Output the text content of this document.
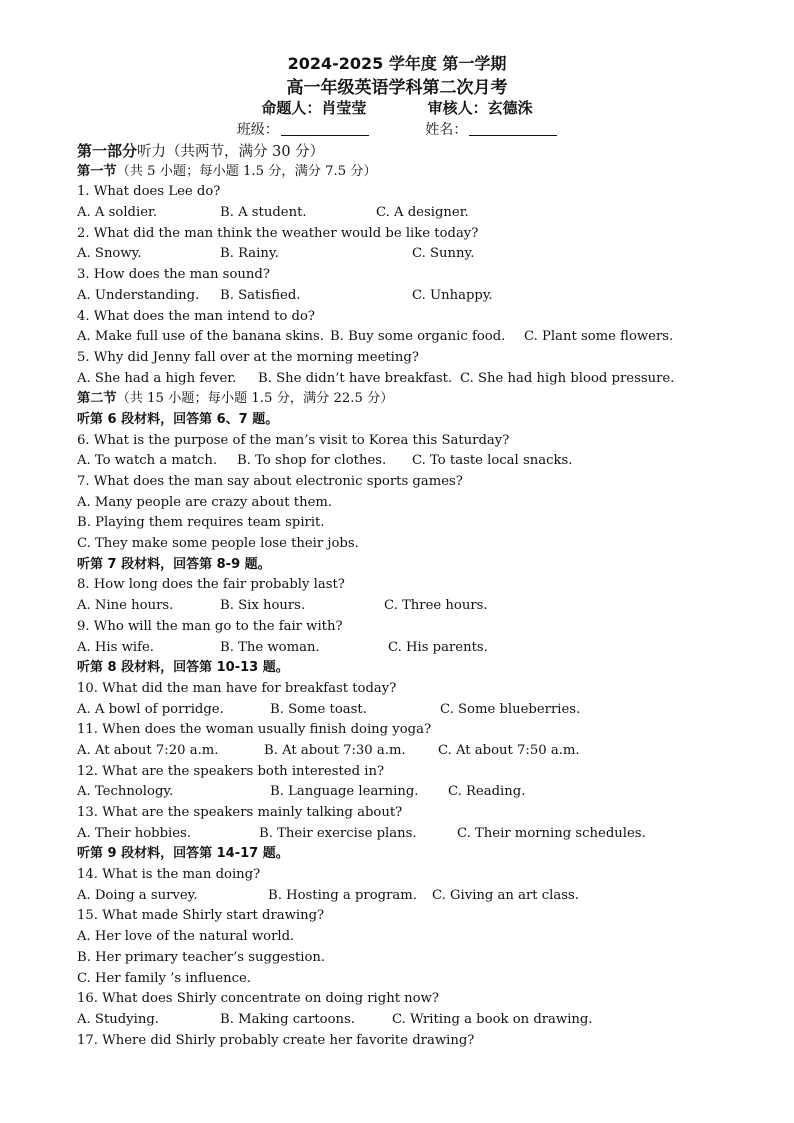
2024-2025 学年度 第一学期
高一年级英语学科第二次月考
命题人：肖莹莹	审核人：玄德洙
班级：	姓名：
第一部分听力（共两节，满分 30 分）
第一节（共 5 小题；每小题 1.5 分，满分 7.5 分）
1. What does Lee do?
A. A soldier.	B. A student.	C. A designer.
2. What did the man think the weather would be like today?
A. Snowy.	B. Rainy.	C. Sunny.
3. How does the man sound?
A. Understanding. B. Satisfied.	C. Unhappy.
4. What does the man intend to do?
A. Make full use of the banana skins. B. Buy some organic food. C. Plant some flowers.
5. Why did Jenny fall over at the morning meeting?
A. She had a high fever. B. She didn’t have breakfast. C. She had high blood pressure.
第二节（共 15 小题；每小题 1.5 分，满分 22.5 分）
听第 6 段材料，回答第 6、7 题。
6. What is the purpose of the man’s visit to Korea this Saturday?
A. To watch a match. B. To shop for clothes. C. To taste local snacks.
7. What does the man say about electronic sports games?
A. Many people are crazy about them.
B. Playing them requires team spirit.
C. They make some people lose their jobs.
听第 7 段材料，回答第 8-9 题。
8. How long does the fair probably last?
A. Nine hours.	B. Six hours.	C. Three hours.
9. Who will the man go to the fair with?
A. His wife.	B. The woman.	C. His parents.
听第 8 段材料，回答第 10-13 题。
10. What did the man have for breakfast today?
A. A bowl of porridge.	B. Some toast.	C. Some blueberries.
11. When does the woman usually finish doing yoga?
A. At about 7:20 a.m.	B. At about 7:30 a.m. C. At about 7:50 a.m.
12. What are the speakers both interested in?
A. Technology.	B. Language learning. C. Reading.
13. What are the speakers mainly talking about?
A. Their hobbies.	B. Their exercise plans.	C. Their morning schedules.
听第 9 段材料，回答第 14-17 题。
14. What is the man doing?
A. Doing a survey.	B. Hosting a program. C. Giving an art class.
15. What made Shirly start drawing?
A. Her love of the natural world.
B. Her primary teacher’s suggestion.
C. Her family ’s influence.
16. What does Shirly concentrate on doing right now?
A. Studying.	B. Making cartoons.	C. Writing a book on drawing.
17. Where did Shirly probably create her favorite drawing?
